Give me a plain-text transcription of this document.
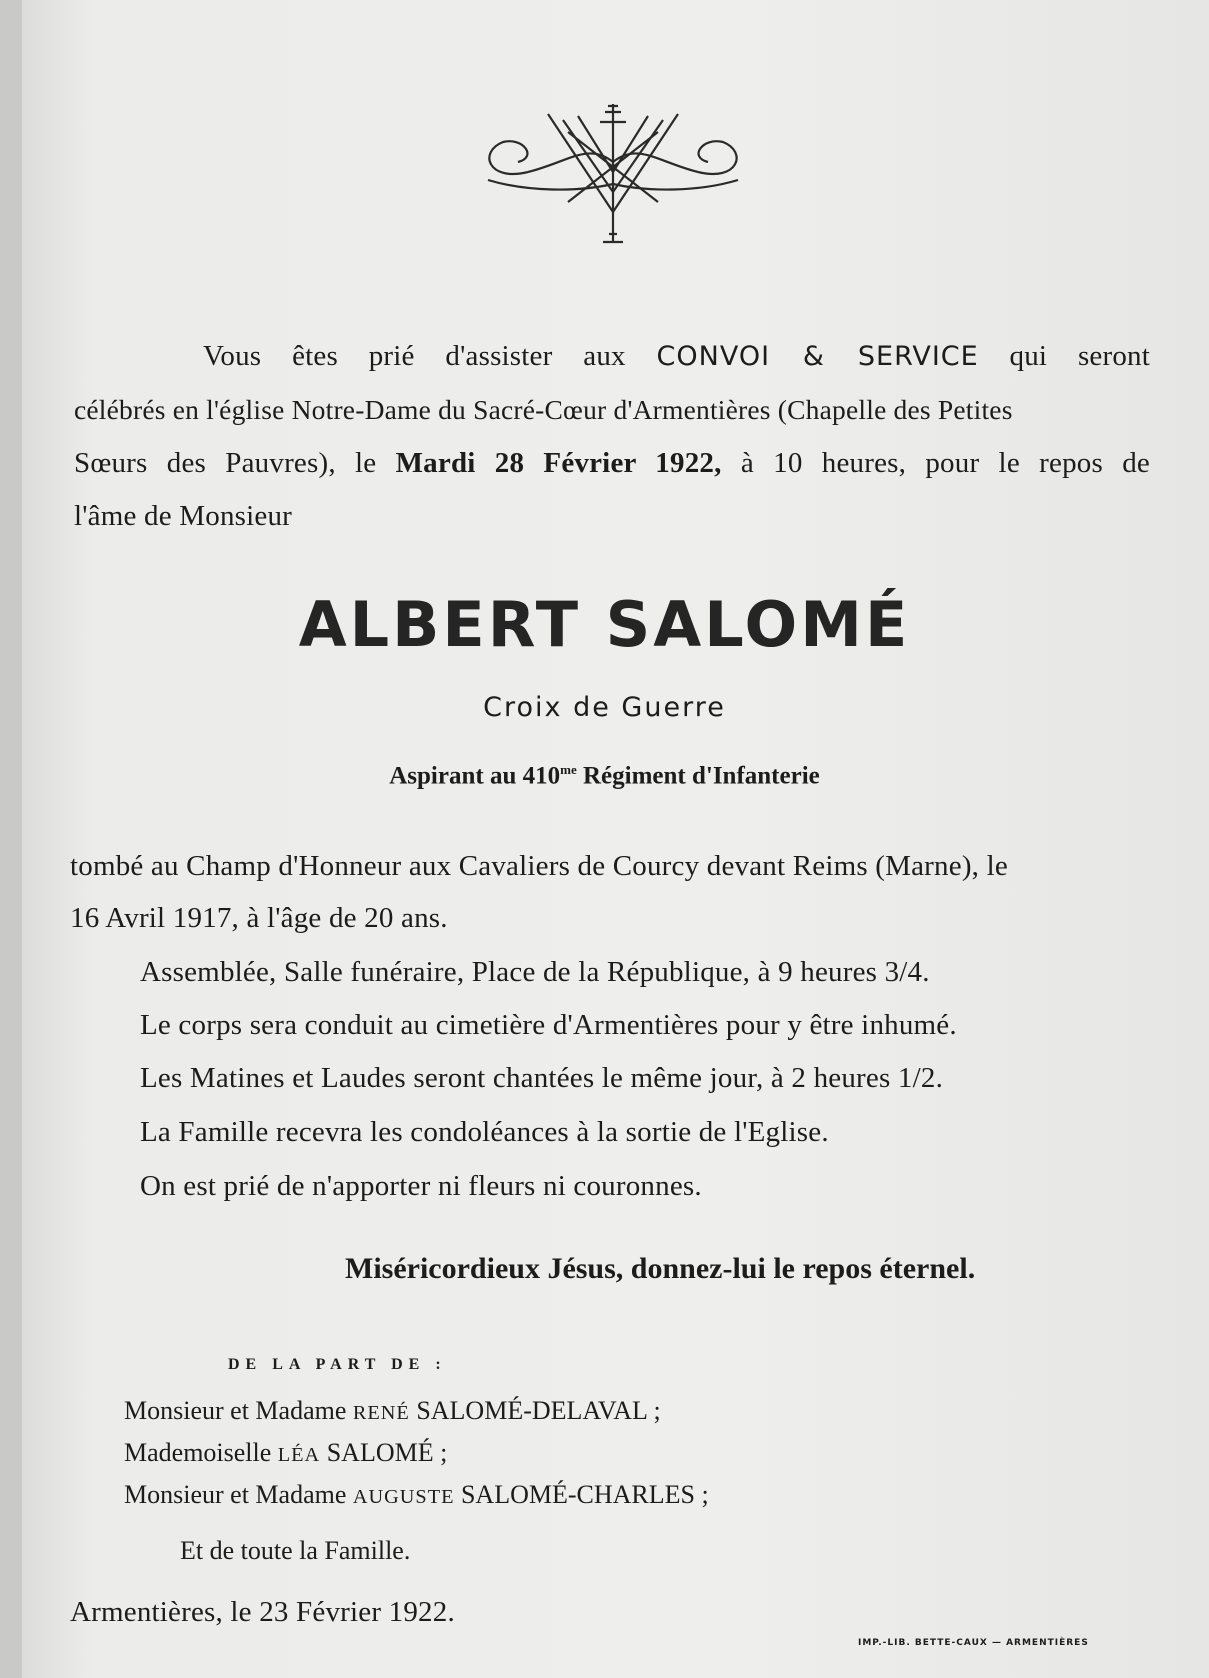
Vous êtes prié d'assister aux CONVOI & SERVICE qui seront
célébrés en l'église Notre-Dame du Sacré-Cœur d'Armentières (Chapelle des Petites
Sœurs des Pauvres), le Mardi 28 Février 1922, à 10 heures, pour le repos de
l'âme de Monsieur
ALBERT SALOMÉ
Croix de Guerre
Aspirant au $410^{me}$ Régiment d'Infanterie
tombé au Champ d'Honneur aux Cavaliers de Courcy devant Reims (Marne), le
16 Avril 1917, à l'âge de 20 ans.
Assemblée, Salle funéraire, Place de la République, à 9 heures 3/4.
Le corps sera conduit au cimetière d'Armentières pour y être inhumé.
Les Matines et Laudes seront chantées le même jour, à 2 heures 1/2.
La Famille recevra les condoléances à la sortie de l'Eglise.
On est prié de n'apporter ni fleurs ni couronnes.
Miséricordieux Jésus, donnez-lui le repos éternel.
DE LA PART DE :
Monsieur et Madame RENÉ SALOMÉ-DELAVAL ;
Mademoiselle LÉA SALOMÉ ;
Monsieur et Madame AUGUSTE SALOMÉ-CHARLES ;
Et de toute la Famille.
Armentières, le 23 Février 1922.
IMP.-LIB. BETTE-CAUX — ARMENTIÈRES
